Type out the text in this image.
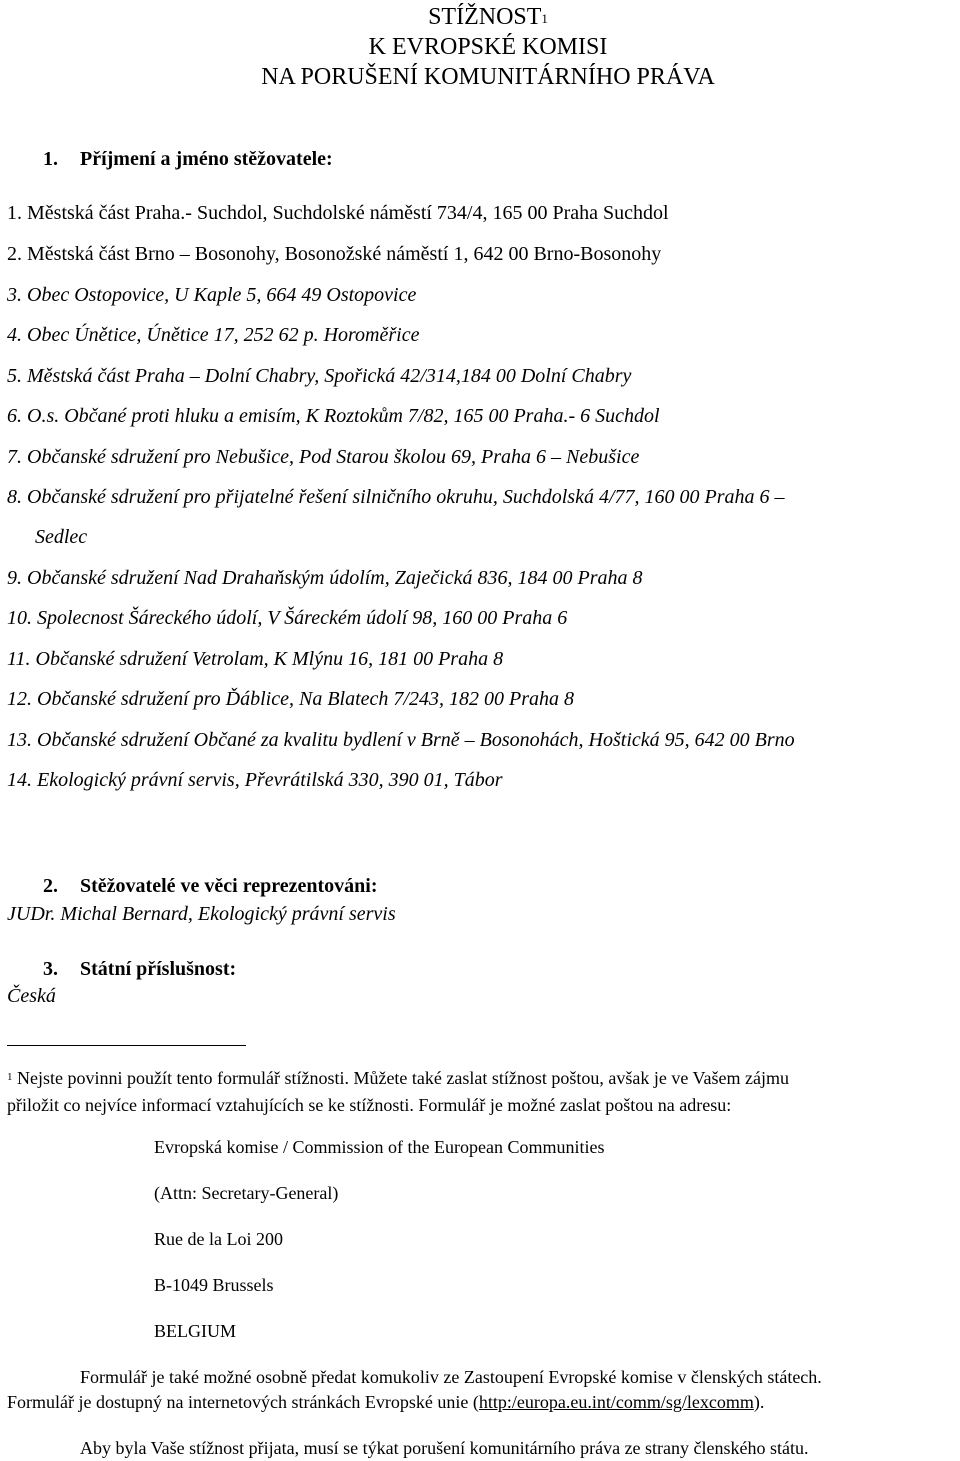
STÍŽNOST$^1$
K EVROPSKÉ KOMISI
NA PORUŠENÍ KOMUNITÁRNÍHO PRÁVA
1. Příjmení a jméno stěžovatele:
1. Městská část Praha.- Suchdol, Suchdolské náměstí 734/4, 165 00 Praha Suchdol
2. Městská část Brno – Bosonohy, Bosonožské náměstí 1, 642 00 Brno-Bosonohy
3. Obec Ostopovice, U Kaple 5, 664 49 Ostopovice
4. Obec Únětice, Únětice 17, 252 62 p. Horoměřice
5. Městská část Praha – Dolní Chabry, Spořická 42/314,184 00 Dolní Chabry
6. O.s. Občané proti hluku a emisím, K Roztokům 7/82, 165 00 Praha.- 6 Suchdol
7. Občanské sdružení pro Nebušice, Pod Starou školou 69, Praha 6 – Nebušice
8. Občanské sdružení pro přijatelné řešení silničního okruhu, Suchdolská 4/77, 160 00 Praha 6 –
Sedlec
9. Občanské sdružení Nad Drahaňským údolím, Zaječická 836, 184 00 Praha 8
10. Spolecnost Šáreckého údolí, V Šáreckém údolí 98, 160 00 Praha 6
11. Občanské sdružení Vetrolam, K Mlýnu 16, 181 00 Praha 8
12. Občanské sdružení pro Ďáblice, Na Blatech 7/243, 182 00 Praha 8
13. Občanské sdružení Občané za kvalitu bydlení v Brně – Bosonohách, Hoštická 95, 642 00 Brno
14. Ekologický právní servis, Převrátilská 330, 390 01, Tábor
2. Stěžovatelé ve věci reprezentováni:
JUDr. Michal Bernard, Ekologický právní servis
3. Státní příslušnost:
Česká
$^1$ Nejste povinni použít tento formulář stížnosti. Můžete také zaslat stížnost poštou, avšak je ve Vašem zájmu
přiložit co nejvíce informací vztahujících se ke stížnosti. Formulář je možné zaslat poštou na adresu:
Evropská komise / Commission of the European Communities
(Attn: Secretary-General)
Rue de la Loi 200
B-1049 Brussels
BELGIUM
Formulář je také možné osobně předat komukoliv ze Zastoupení Evropské komise v členských státech.
Formulář je dostupný na internetových stránkách Evropské unie (http:/europa.eu.int/comm/sg/lexcomm).
Aby byla Vaše stížnost přijata, musí se týkat porušení komunitárního práva ze strany členského státu.
